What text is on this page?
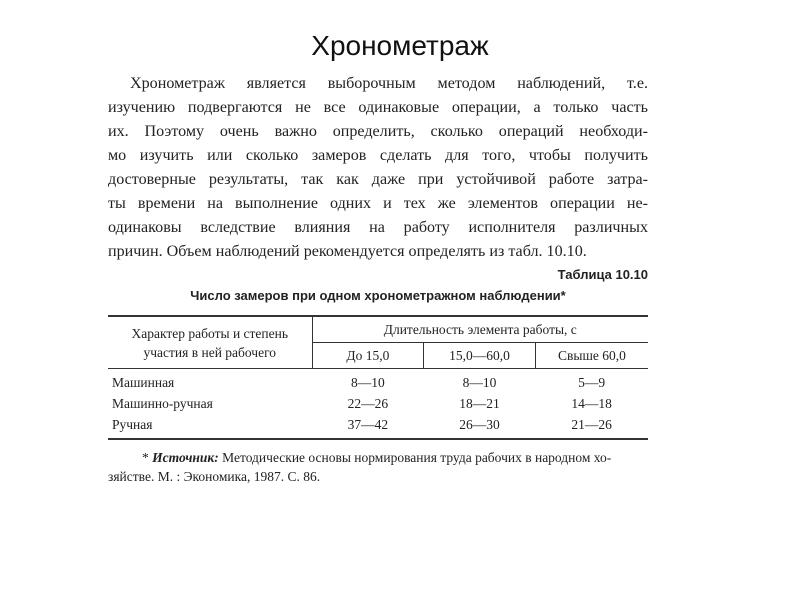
Хронометраж
Хронометраж является выборочным методом наблюдений, т.е.
изучению подвергаются не все одинаковые операции, а только часть
их. Поэтому очень важно определить, сколько операций необходи-
мо изучить или сколько замеров сделать для того, чтобы получить
достоверные результаты, так как даже при устойчивой работе затра-
ты времени на выполнение одних и тех же элементов операции не-
одинаковы вследствие влияния на работу исполнителя различных
причин. Объем наблюдений рекомендуется определять из табл. 10.10.
Таблица 10.10
Число замеров при одном хронометражном наблюдении*
Характер работы и степень
участия в ней рабочего	Длительность элемента работы, с		
	До 15,0	15,0—60,0	Свыше 60,0
Машинная	8—10	8—10	5—9
Машинно-ручная	22—26	18—21	14—18
Ручная	37—42	26—30	21—26
* Источник: Методические основы нормирования труда рабочих в народном хо-
зяйстве. М. : Экономика, 1987. С. 86.
